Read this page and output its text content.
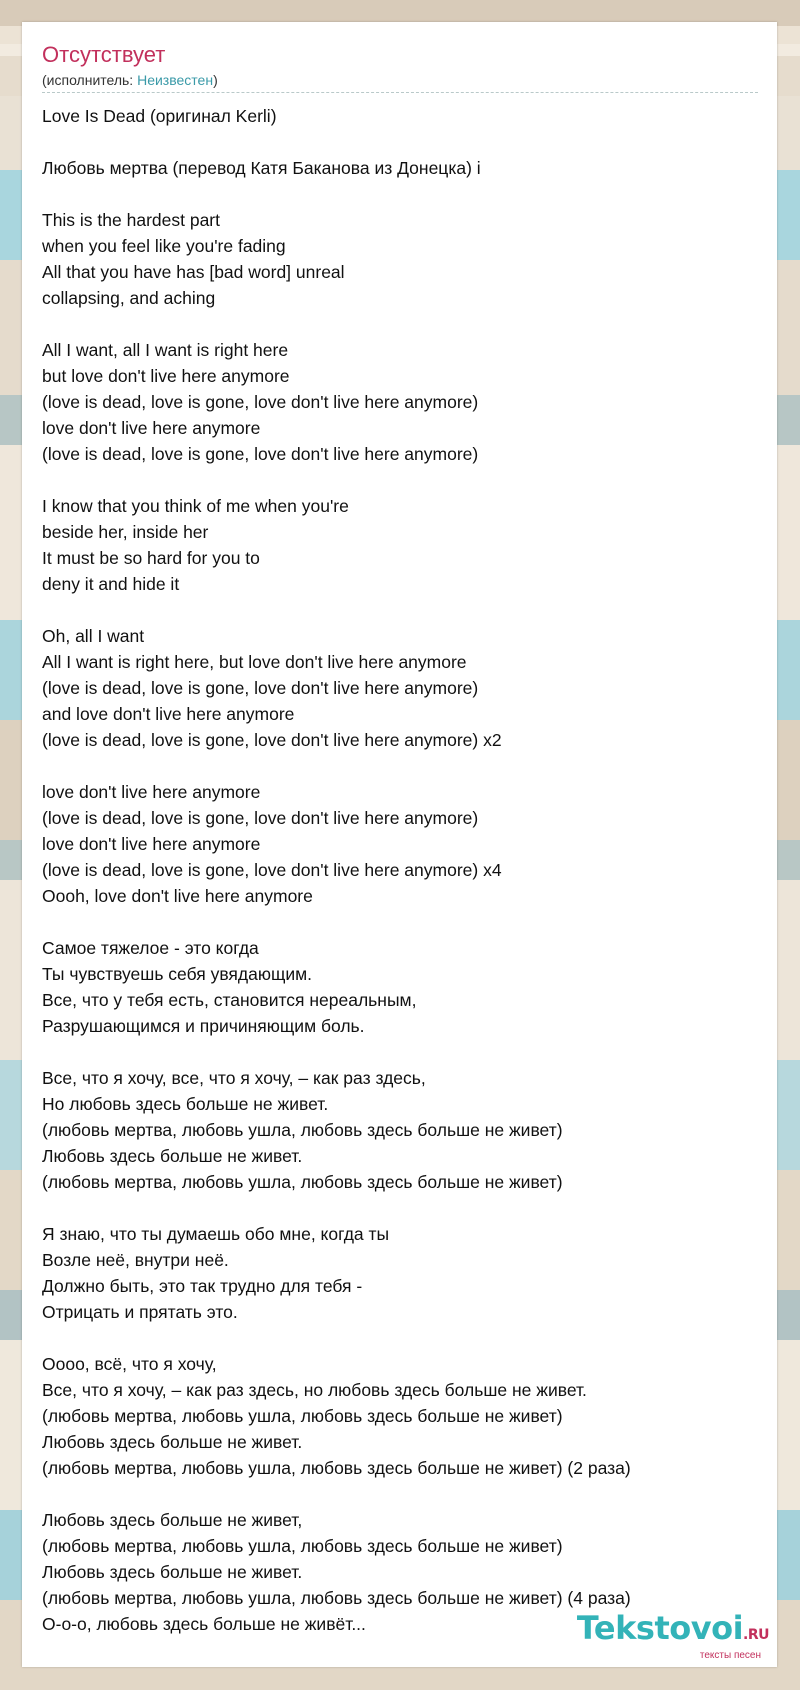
Отсутствует
(исполнитель: Неизвестен)
Love Is Dead (оригинал Kerli)
Любовь мертва (перевод Катя Баканова из Донецка) i
This is the hardest part
when you feel like you're fading
All that you have has [bad word] unreal
collapsing, and aching
All I want, all I want is right here
but love don't live here anymore
(love is dead, love is gone, love don't live here anymore)
love don't live here anymore
(love is dead, love is gone, love don't live here anymore)
I know that you think of me when you're
beside her, inside her
It must be so hard for you to
deny it and hide it
Oh, all I want
All I want is right here, but love don't live here anymore
(love is dead, love is gone, love don't live here anymore)
and love don't live here anymore
(love is dead, love is gone, love don't live here anymore) x2
love don't live here anymore
(love is dead, love is gone, love don't live here anymore)
love don't live here anymore
(love is dead, love is gone, love don't live here anymore) x4
Oooh, love don't live here anymore
Самое тяжелое - это когда
Ты чувствуешь себя увядающим.
Все, что у тебя есть, становится нереальным,
Разрушающимся и причиняющим боль.
Все, что я хочу, все, что я хочу, – как раз здесь,
Но любовь здесь больше не живет.
(любовь мертва, любовь ушла, любовь здесь больше не живет)
Любовь здесь больше не живет.
(любовь мертва, любовь ушла, любовь здесь больше не живет)
Я знаю, что ты думаешь обо мне, когда ты
Возле неё, внутри неё.
Должно быть, это так трудно для тебя -
Отрицать и прятать это.
Оооо, всё, что я хочу,
Все, что я хочу, – как раз здесь, но любовь здесь больше не живет.
(любовь мертва, любовь ушла, любовь здесь больше не живет)
Любовь здесь больше не живет.
(любовь мертва, любовь ушла, любовь здесь больше не живет) (2 раза)
Любовь здесь больше не живет,
(любовь мертва, любовь ушла, любовь здесь больше не живет)
Любовь здесь больше не живет.
(любовь мертва, любовь ушла, любовь здесь больше не живет) (4 раза)
О-о-о, любовь здесь больше не живёт...	Tekstovoi.RU
тексты песен
